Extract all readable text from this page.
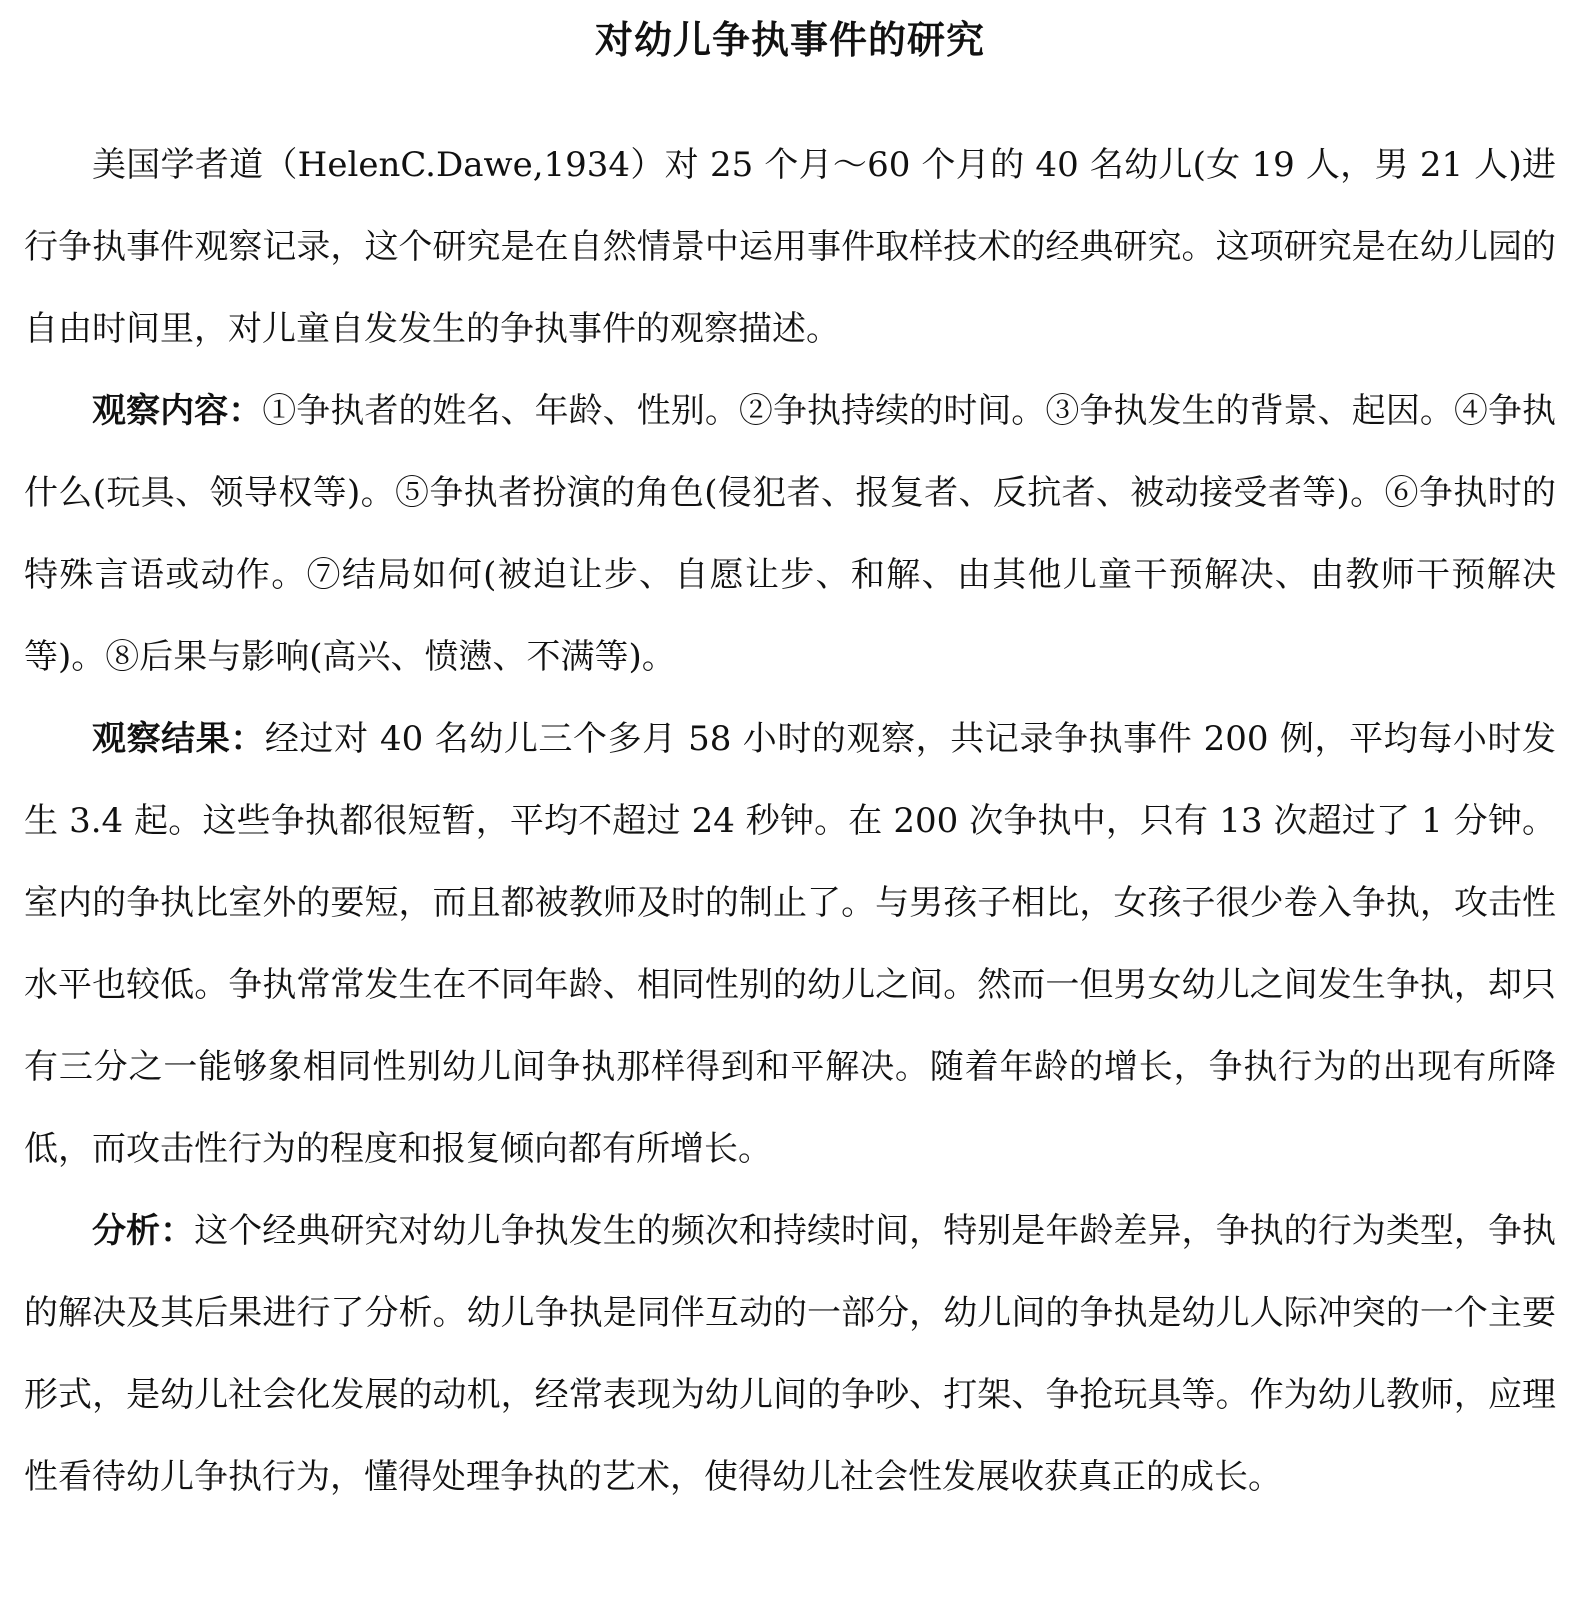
对幼儿争执事件的研究

美国学者道（HelenC.Dawe,1934）对 25 个月～60 个月的 40 名幼儿(女 19 人，男 21 人)进行争执事件观察记录，这个研究是在自然情景中运用事件取样技术的经典研究。这项研究是在幼儿园的自由时间里，对儿童自发发生的争执事件的观察描述。

观察内容：①争执者的姓名、年龄、性别。②争执持续的时间。③争执发生的背景、起因。④争执什么(玩具、领导权等)。⑤争执者扮演的角色(侵犯者、报复者、反抗者、被动接受者等)。⑥争执时的特殊言语或动作。⑦结局如何(被迫让步、自愿让步、和解、由其他儿童干预解决、由教师干预解决等)。⑧后果与影响(高兴、愤懑、不满等)。

观察结果：经过对 40 名幼儿三个多月 58 小时的观察，共记录争执事件 200 例，平均每小时发生 3.4 起。这些争执都很短暂，平均不超过 24 秒钟。在 200 次争执中，只有 13 次超过了 1 分钟。室内的争执比室外的要短，而且都被教师及时的制止了。与男孩子相比，女孩子很少卷入争执，攻击性水平也较低。争执常常发生在不同年龄、相同性别的幼儿之间。然而一但男女幼儿之间发生争执，却只有三分之一能够象相同性别幼儿间争执那样得到和平解决。随着年龄的增长，争执行为的出现有所降低，而攻击性行为的程度和报复倾向都有所增长。

分析：这个经典研究对幼儿争执发生的频次和持续时间，特别是年龄差异，争执的行为类型，争执的解决及其后果进行了分析。幼儿争执是同伴互动的一部分，幼儿间的争执是幼儿人际冲突的一个主要形式，是幼儿社会化发展的动机，经常表现为幼儿间的争吵、打架、争抢玩具等。作为幼儿教师，应理性看待幼儿争执行为，懂得处理争执的艺术，使得幼儿社会性发展收获真正的成长。
